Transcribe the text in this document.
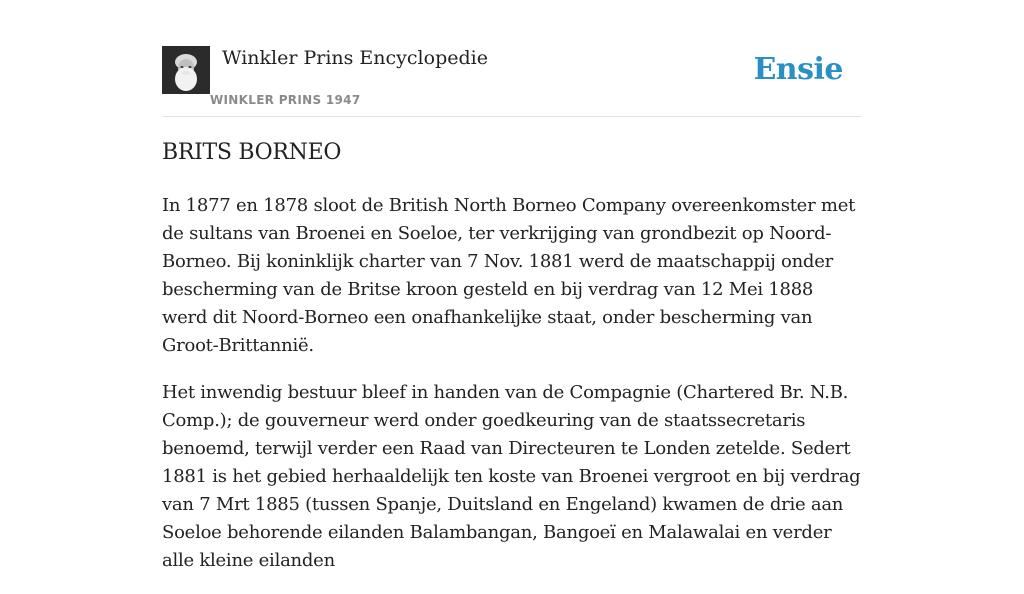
Winkler Prins Encyclopedie
WINKLER PRINS 1947
Ensie
BRITS BORNEO

In 1877 en 1878 sloot de British North Borneo Company overeenkomster met de sultans van Broenei en Soeloe, ter verkrijging van grondbezit op Noord-Borneo. Bij koninklijk charter van 7 Nov. 1881 werd de maatschappij onder bescherming van de Britse kroon gesteld en bij verdrag van 12 Mei 1888 werd dit Noord-Borneo een onafhankelijke staat, onder bescherming van Groot-Brittannië.

Het inwendig bestuur bleef in handen van de Compagnie (Chartered Br. N.B. Comp.); de gouverneur werd onder goedkeuring van de staatssecretaris benoemd, terwijl verder een Raad van Directeuren te Londen zetelde. Sedert 1881 is het gebied herhaaldelijk ten koste van Broenei vergroot en bij verdrag van 7 Mrt 1885 (tussen Spanje, Duitsland en Engeland) kwamen de drie aan Soeloe behorende eilanden Balambangan, Bangoeï en Malawalai en verder alle kleine eilanden
